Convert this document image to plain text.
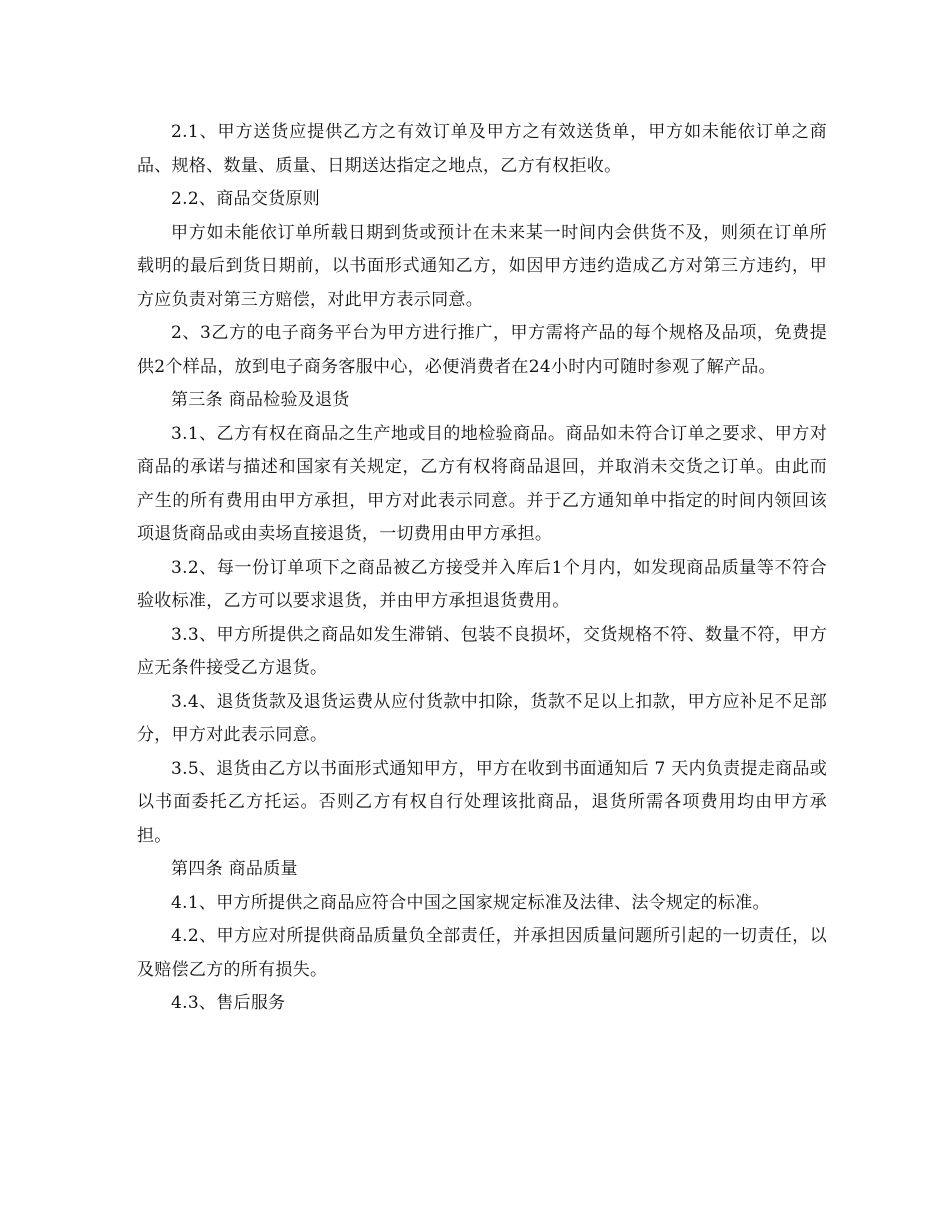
2.1、甲方送货应提供乙方之有效订单及甲方之有效送货单，甲方如未能依订单之商品、规格、数量、质量、日期送达指定之地点，乙方有权拒收。

2.2、商品交货原则

甲方如未能依订单所载日期到货或预计在未来某一时间内会供货不及，则须在订单所载明的最后到货日期前，以书面形式通知乙方，如因甲方违约造成乙方对第三方违约，甲方应负责对第三方赔偿，对此甲方表示同意。

2、3乙方的电子商务平台为甲方进行推广，甲方需将产品的每个规格及品项，免费提供2个样品，放到电子商务客服中心，必便消费者在24小时内可随时参观了解产品。

第三条 商品检验及退货

3.1、乙方有权在商品之生产地或目的地检验商品。商品如未符合订单之要求、甲方对商品的承诺与描述和国家有关规定，乙方有权将商品退回，并取消未交货之订单。由此而产生的所有费用由甲方承担，甲方对此表示同意。并于乙方通知单中指定的时间内领回该项退货商品或由卖场直接退货，一切费用由甲方承担。

3.2、每一份订单项下之商品被乙方接受并入库后1个月内，如发现商品质量等不符合验收标准，乙方可以要求退货，并由甲方承担退货费用。

3.3、甲方所提供之商品如发生滞销、包装不良损坏，交货规格不符、数量不符，甲方应无条件接受乙方退货。

3.4、退货货款及退货运费从应付货款中扣除，货款不足以上扣款，甲方应补足不足部分，甲方对此表示同意。

3.5、退货由乙方以书面形式通知甲方，甲方在收到书面通知后 7 天内负责提走商品或以书面委托乙方托运。否则乙方有权自行处理该批商品，退货所需各项费用均由甲方承担。

第四条 商品质量

4.1、甲方所提供之商品应符合中国之国家规定标准及法律、法令规定的标准。

4.2、甲方应对所提供商品质量负全部责任，并承担因质量问题所引起的一切责任，以及赔偿乙方的所有损失。

4.3、售后服务
